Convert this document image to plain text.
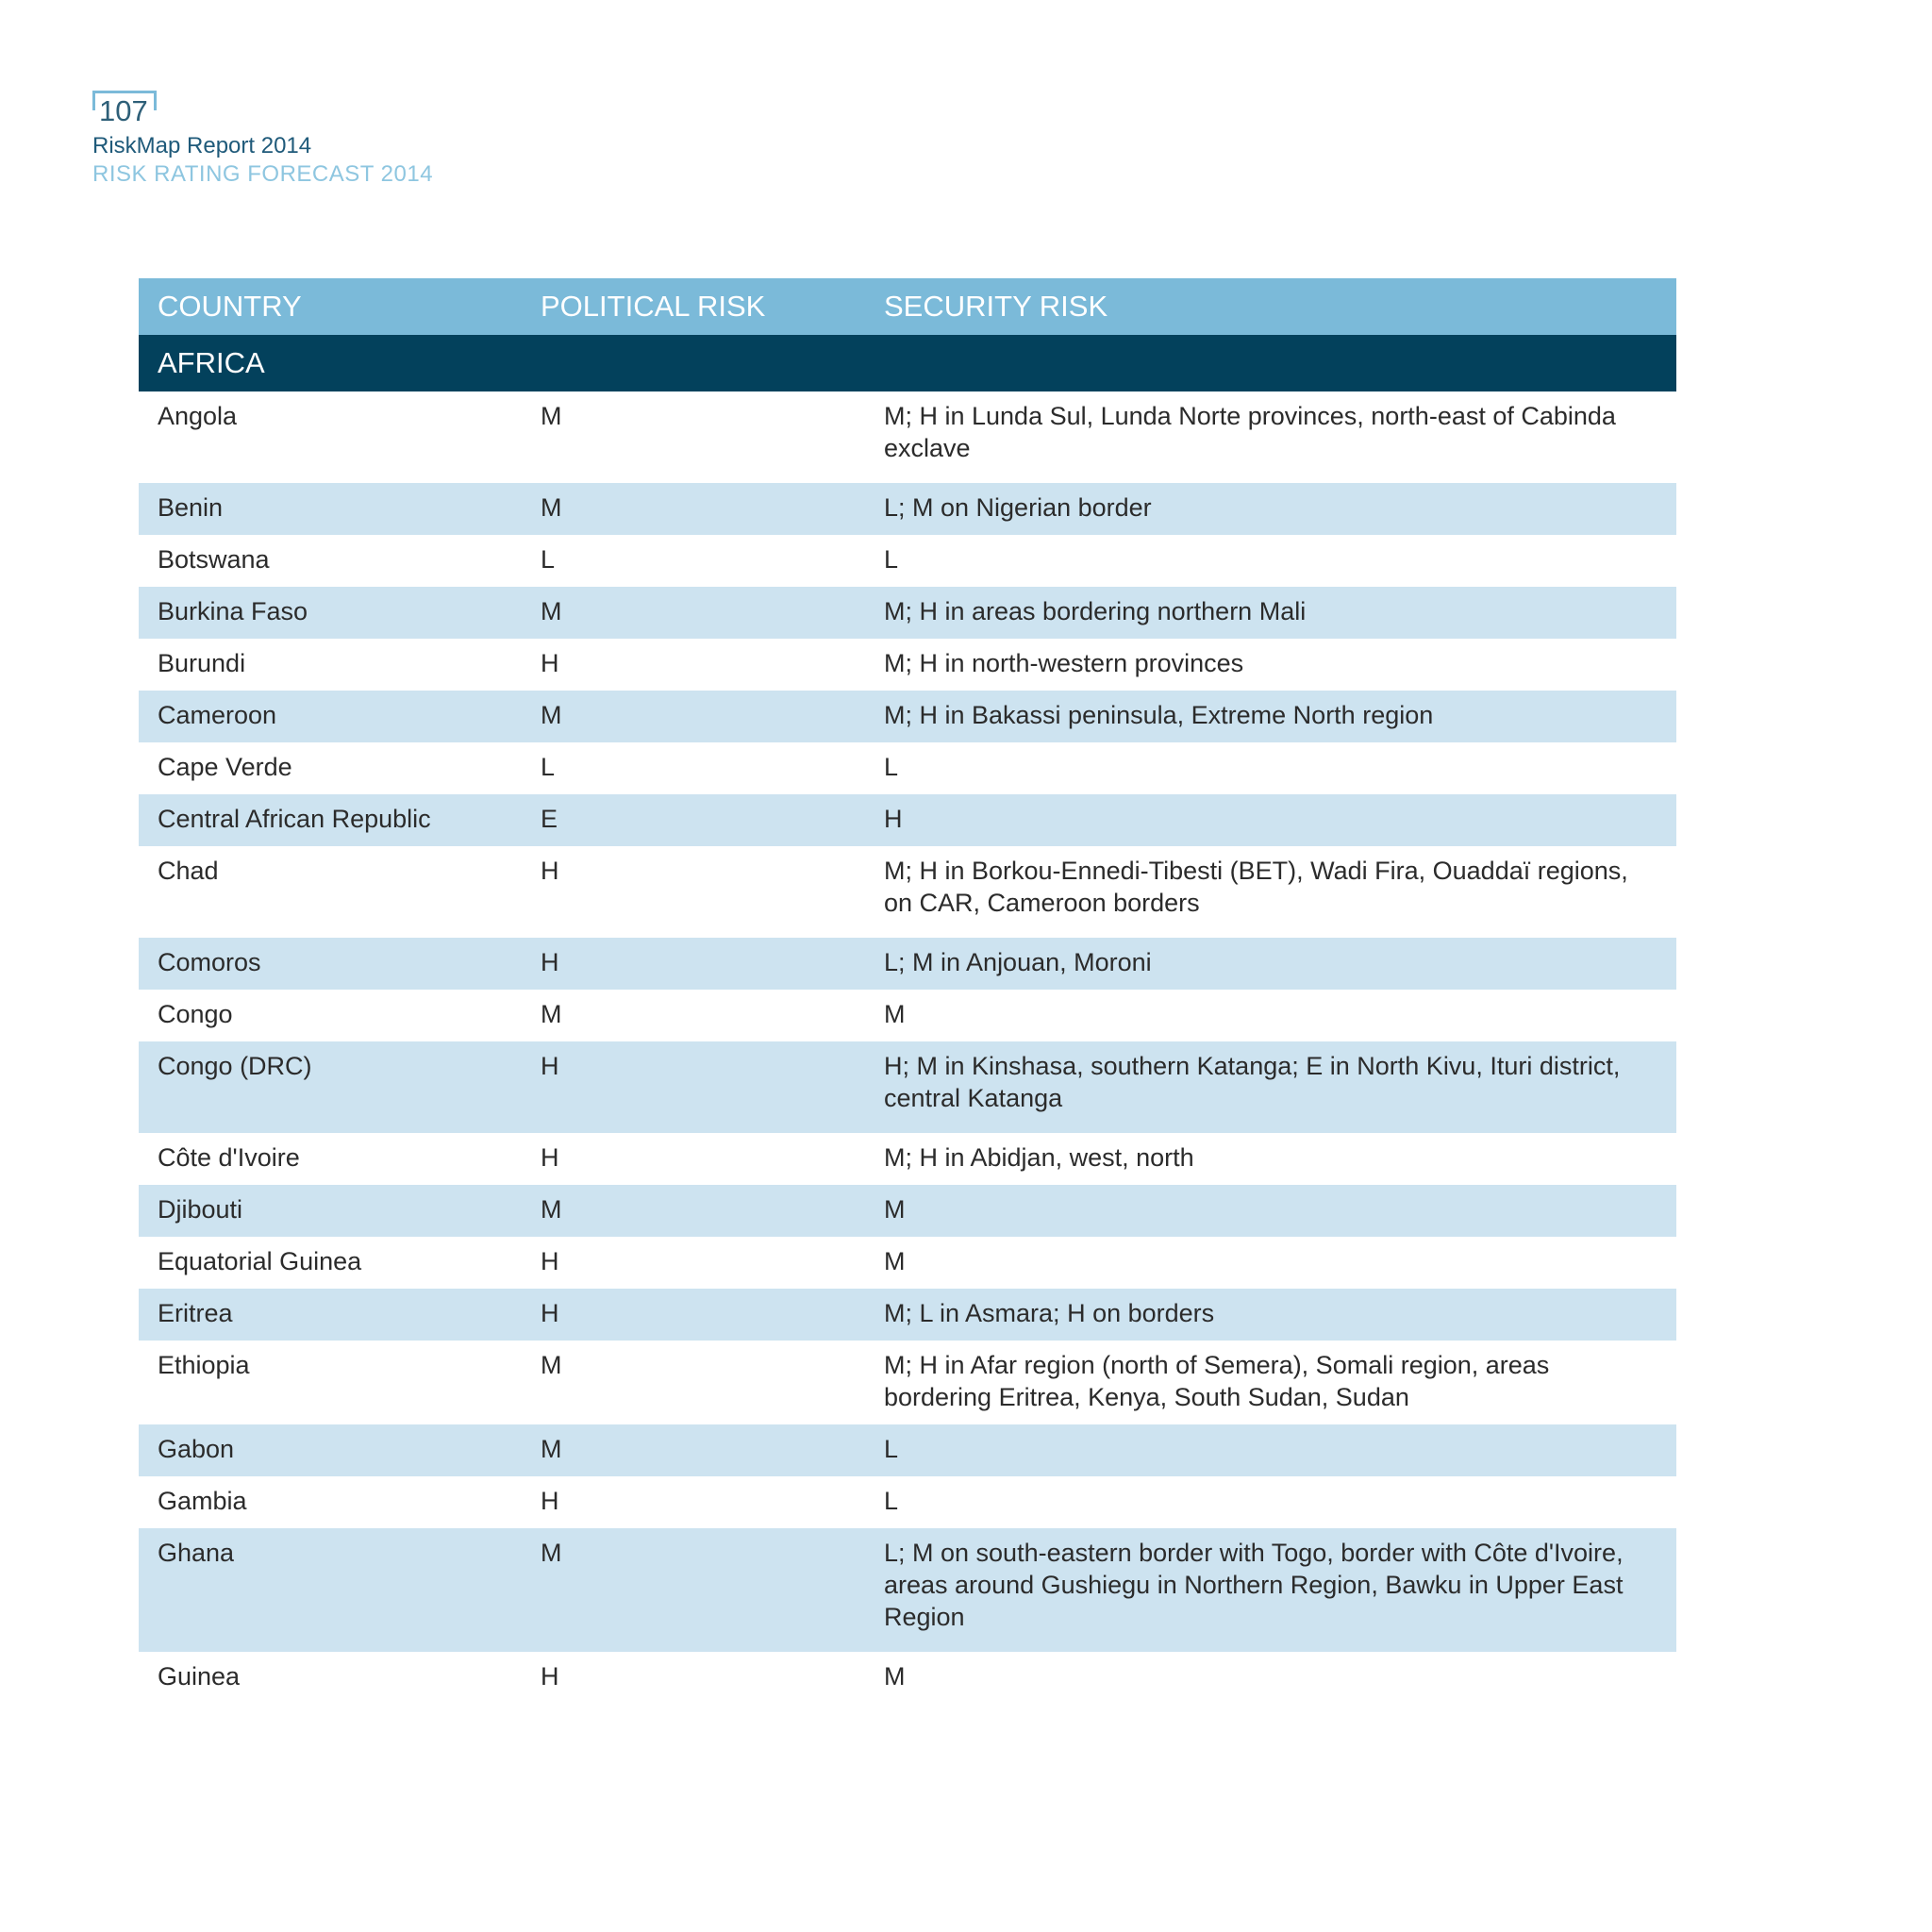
107
RiskMap Report 2014
RISK RATING FORECAST 2014
COUNTRY	POLITICAL RISK	SECURITY RISK
AFRICA		
Angola	M	M; H in Lunda Sul, Lunda Norte provinces, north-east of Cabinda exclave
Benin	M	L; M on Nigerian border
Botswana	L	L
Burkina Faso	M	M; H in areas bordering northern Mali
Burundi	H	M; H in north-western provinces
Cameroon	M	M; H in Bakassi peninsula, Extreme North region
Cape Verde	L	L
Central African Republic	E	H
Chad	H	M; H in Borkou-Ennedi-Tibesti (BET), Wadi Fira, Ouaddaï regions, on CAR, Cameroon borders
Comoros	H	L; M in Anjouan, Moroni
Congo	M	M
Congo (DRC)	H	H; M in Kinshasa, southern Katanga; E in North Kivu, Ituri district, central Katanga
Côte d'Ivoire	H	M; H in Abidjan, west, north
Djibouti	M	M
Equatorial Guinea	H	M
Eritrea	H	M; L in Asmara; H on borders
Ethiopia	M	M; H in Afar region (north of Semera), Somali region, areas bordering Eritrea, Kenya, South Sudan, Sudan
Gabon	M	L
Gambia	H	L
Ghana	M	L; M on south-eastern border with Togo, border with Côte d'Ivoire, areas around Gushiegu in Northern Region, Bawku in Upper East Region
Guinea	H	M
